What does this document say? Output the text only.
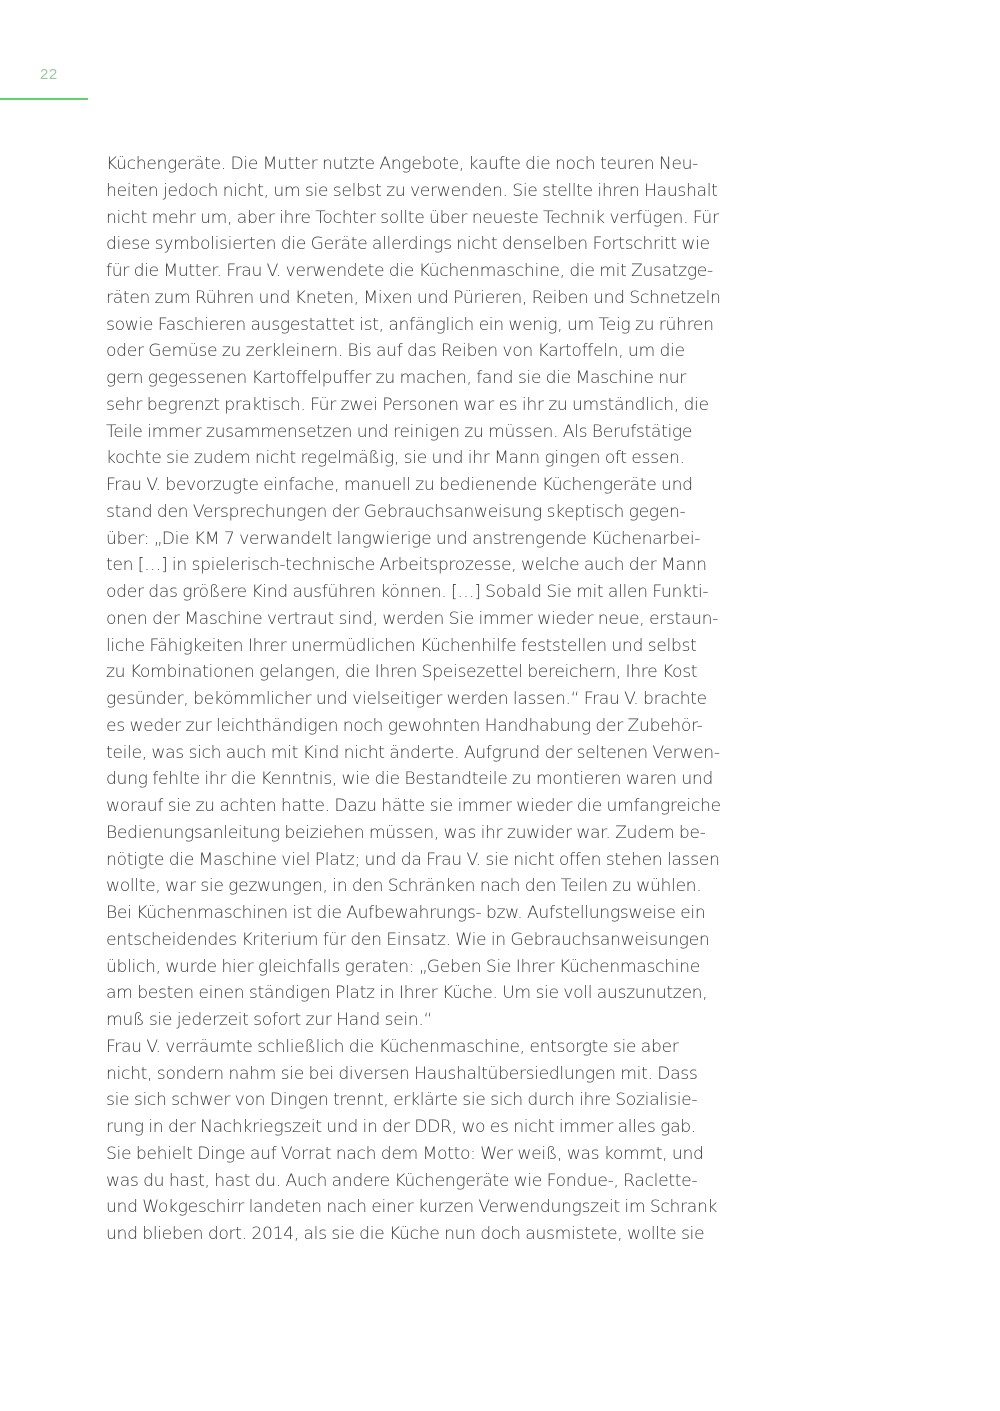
22
Küchengeräte. Die Mutter nutzte Angebote, kaufte die noch teuren Neu-
heiten jedoch nicht, um sie selbst zu verwenden. Sie stellte ihren Haushalt
nicht mehr um, aber ihre Tochter sollte über neueste Technik verfügen. Für
diese symbolisierten die Geräte allerdings nicht denselben Fortschritt wie
für die Mutter. Frau V. verwendete die Küchenmaschine, die mit Zusatzge-
räten zum Rühren und Kneten, Mixen und Pürieren, Reiben und Schnetzeln
sowie Faschieren ausgestattet ist, anfänglich ein wenig, um Teig zu rühren
oder Gemüse zu zerkleinern. Bis auf das Reiben von Kartoffeln, um die
gern gegessenen Kartoffelpuffer zu machen, fand sie die Maschine nur
sehr begrenzt praktisch. Für zwei Personen war es ihr zu umständlich, die
Teile immer zusammensetzen und reinigen zu müssen. Als Berufstätige
kochte sie zudem nicht regelmäßig, sie und ihr Mann gingen oft essen.
Frau V. bevorzugte einfache, manuell zu bedienende Küchengeräte und
stand den Versprechungen der Gebrauchsanweisung skeptisch gegen-
über: „Die KM 7 verwandelt langwierige und anstrengende Küchenarbei-
ten […] in spielerisch-technische Arbeitsprozesse, welche auch der Mann
oder das größere Kind ausführen können. […] Sobald Sie mit allen Funkti-
onen der Maschine vertraut sind, werden Sie immer wieder neue, erstaun-
liche Fähigkeiten Ihrer unermüdlichen Küchenhilfe feststellen und selbst
zu Kombinationen gelangen, die Ihren Speisezettel bereichern, Ihre Kost
gesünder, bekömmlicher und vielseitiger werden lassen.“ Frau V. brachte
es weder zur leichthändigen noch gewohnten Handhabung der Zubehör-
teile, was sich auch mit Kind nicht änderte. Aufgrund der seltenen Verwen-
dung fehlte ihr die Kenntnis, wie die Bestandteile zu montieren waren und
worauf sie zu achten hatte. Dazu hätte sie immer wieder die umfangreiche
Bedienungsanleitung beiziehen müssen, was ihr zuwider war. Zudem be-
nötigte die Maschine viel Platz; und da Frau V. sie nicht offen stehen lassen
wollte, war sie gezwungen, in den Schränken nach den Teilen zu wühlen.
Bei Küchenmaschinen ist die Aufbewahrungs- bzw. Aufstellungsweise ein
entscheidendes Kriterium für den Einsatz. Wie in Gebrauchsanweisungen
üblich, wurde hier gleichfalls geraten: „Geben Sie Ihrer Küchenmaschine
am besten einen ständigen Platz in Ihrer Küche. Um sie voll auszunutzen,
muß sie jederzeit sofort zur Hand sein.“
Frau V. verräumte schließlich die Küchenmaschine, entsorgte sie aber
nicht, sondern nahm sie bei diversen Haushaltübersiedlungen mit. Dass
sie sich schwer von Dingen trennt, erklärte sie sich durch ihre Sozialisie-
rung in der Nachkriegszeit und in der DDR, wo es nicht immer alles gab.
Sie behielt Dinge auf Vorrat nach dem Motto: Wer weiß, was kommt, und
was du hast, hast du. Auch andere Küchengeräte wie Fondue-, Raclette-
und Wokgeschirr landeten nach einer kurzen Verwendungszeit im Schrank
und blieben dort. 2014, als sie die Küche nun doch ausmistete, wollte sie
